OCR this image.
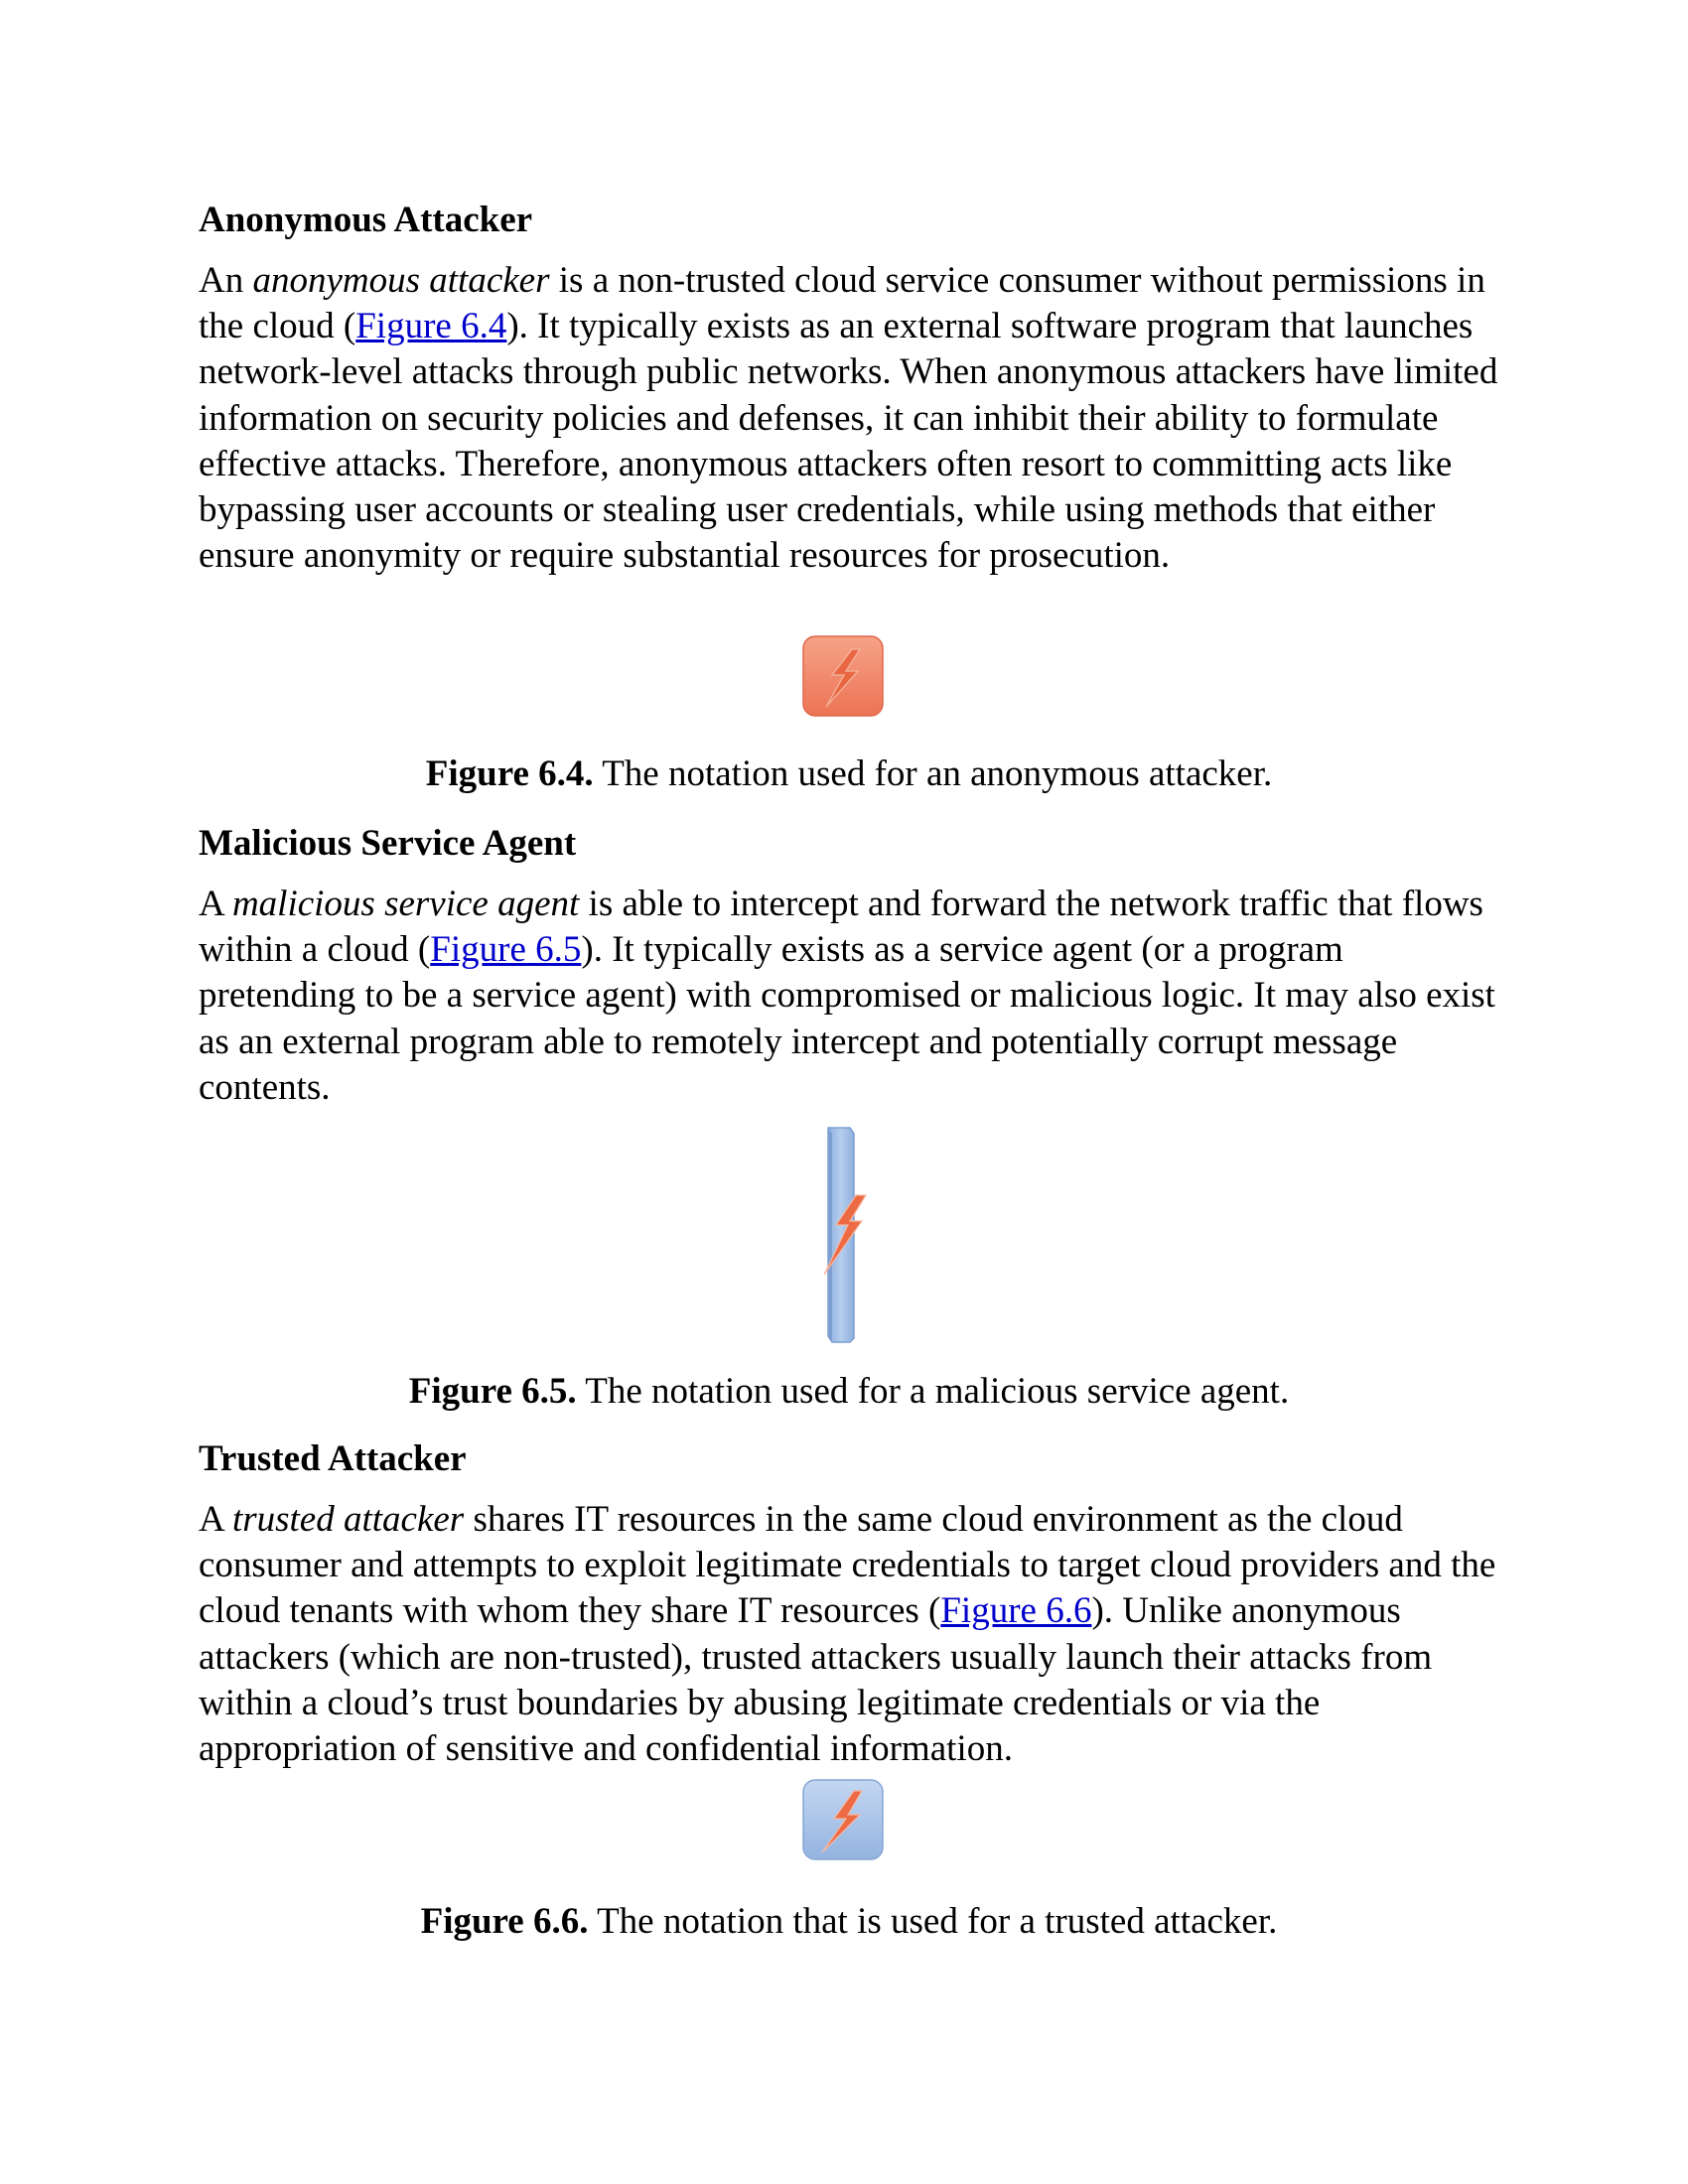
Anonymous Attacker

An anonymous attacker is a non-trusted cloud service consumer without permissions in the cloud (Figure 6.4). It typically exists as an external software program that launches network-level attacks through public networks. When anonymous attackers have limited information on security policies and defenses, it can inhibit their ability to formulate effective attacks. Therefore, anonymous attackers often resort to committing acts like bypassing user accounts or stealing user credentials, while using methods that either ensure anonymity or require substantial resources for prosecution.

Figure 6.4. The notation used for an anonymous attacker.
Malicious Service Agent

A malicious service agent is able to intercept and forward the network traffic that flows within a cloud (Figure 6.5). It typically exists as a service agent (or a program pretending to be a service agent) with compromised or malicious logic. It may also exist as an external program able to remotely intercept and potentially corrupt message contents.

Figure 6.5. The notation used for a malicious service agent.
Trusted Attacker

A trusted attacker shares IT resources in the same cloud environment as the cloud consumer and attempts to exploit legitimate credentials to target cloud providers and the cloud tenants with whom they share IT resources (Figure 6.6). Unlike anonymous attackers (which are non-trusted), trusted attackers usually launch their attacks from within a cloud’s trust boundaries by abusing legitimate credentials or via the appropriation of sensitive and confidential information.

Figure 6.6. The notation that is used for a trusted attacker.
